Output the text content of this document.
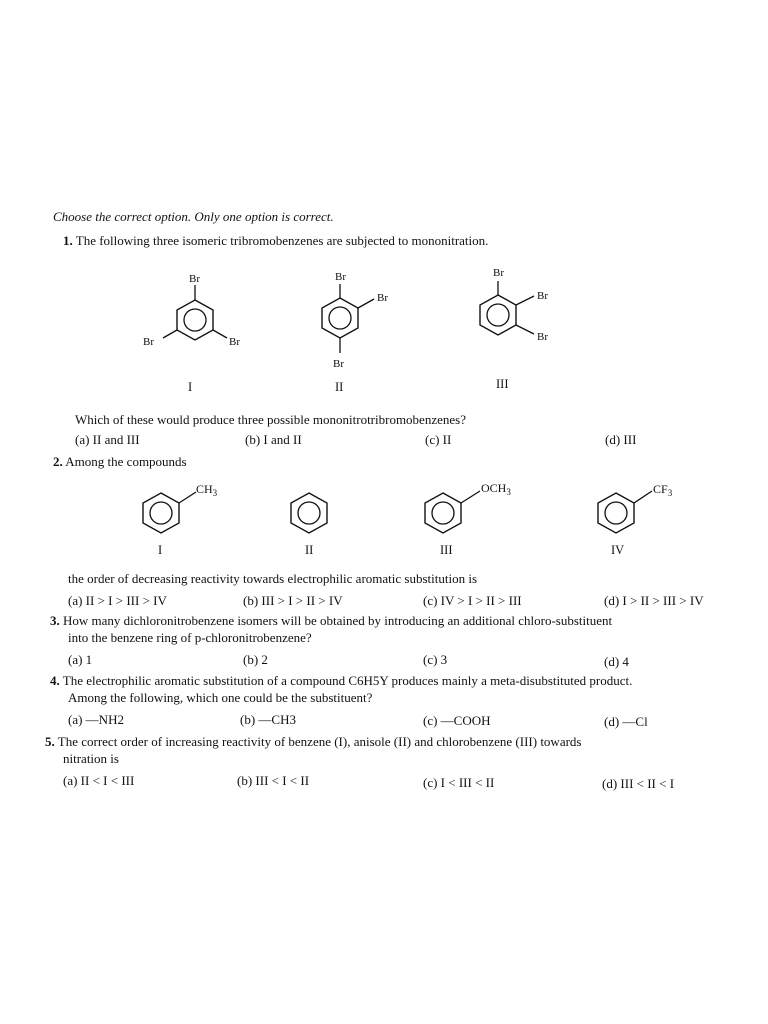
Choose the correct option. Only one option is correct.
1. The following three isomeric tribromobenzenes are subjected to mononitration.
Br
Br	Br
Br
Br
Br
Br
Br
Br
I	II	III
Which of these would produce three possible mononitrotribromobenzenes?
(a) II and III	(b) I and II	(c) II	(d) III
2. Among the compounds
$CH_3$	$OCH_3$	$CF_3$
I	II	III	IV
the order of decreasing reactivity towards electrophilic aromatic substitution is
(a) II > I > III > IV	(b) III > I > II > IV	(c) IV > I > II > III	(d) I > II > III > IV
3. How many dichloronitrobenzene isomers will be obtained by introducing an additional chloro-substituent
into the benzene ring of p-chloronitrobenzene?
(a) 1	(b) 2	(c) 3	(d) 4
4. The electrophilic aromatic substitution of a compound C6H5Y produces mainly a meta-disubstituted product.
Among the following, which one could be the substituent?
(a) —NH2	(b) —CH3	(c) —COOH	(d) —Cl
5. The correct order of increasing reactivity of benzene (I), anisole (II) and chlorobenzene (III) towards
nitration is
(a) II < I < III	(b) III < I < II	(c) I < III < II	(d) III < II < I
